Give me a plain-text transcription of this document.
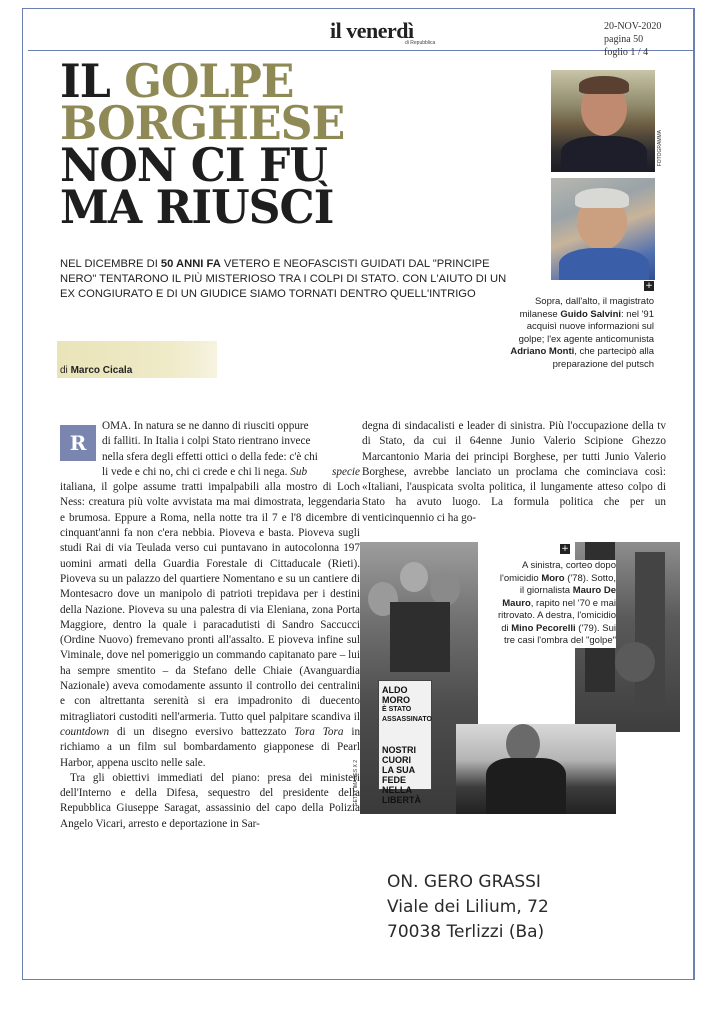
il venerdì
di Repubblica
20-NOV-2020
pagina 50
foglio 1 / 4
IL GOLPE
BORGHESE
NON CI FU
MA RIUSCÌ
NEL DICEMBRE DI 50 ANNI FA VETERO E NEOFASCISTI GUIDATI DAL "PRINCIPE NERO" TENTARONO IL PIÙ MISTERIOSO TRA I COLPI DI STATO. CON L'AIUTO DI UN EX CONGIURATO E DI UN GIUDICE SIAMO TORNATI DENTRO QUELL'INTRIGO
FOTOGRAMMA
+
Sopra, dall'alto, il magistrato milanese Guido Salvini: nel '91 acquisì nuove informazioni sul golpe; l'ex agente anticomunista Adriano Monti, che partecipò alla preparazione del putsch
di Marco Cicala
R

OMA. In natura se ne danno di riusciti oppure
di falliti. In Italia i colpi Stato rientrano invece
nella sfera degli effetti ottici o della fede: c'è chi
li vede e chi no, chi ci crede e chi li nega. Sub specie italiana, il golpe assume tratti impalpabili alla mostro di Loch Ness: creatura più volte avvistata ma mai dimostrata, leggendaria e brumosa. Eppure a Roma, nella notte tra il 7 e l'8 dicembre di cinquant'anni fa non c'era nebbia. Pioveva e basta. Pioveva sugli studi Rai di via Teulada verso cui puntavano in autocolonna 197 uomini armati della Guardia Forestale di Cittaducale (Rieti). Pioveva su un palazzo del quartiere Nomentano e su un cantiere di Montesacro dove un manipolo di patrioti trepidava per i destini della Nazione. Pioveva su una palestra di via Eleniana, zona Porta Maggiore, dentro la quale i paracadutisti di Sandro Saccucci (Ordine Nuovo) fremevano pronti all'assalto. E pioveva infine sul Viminale, dove nel pomeriggio un commando capitanato pare – lui ha sempre smentito – da Stefano delle Chiaie (Avanguardia Nazionale) aveva comodamente assunto il controllo dei centralini e con altrettanta serenità si era impadronito di duecento mitragliatori custoditi nell'armeria. Tutto quel palpitare scandiva il countdown di un disegno eversivo battezzato Tora Tora in richiamo a un film sul bombardamento giapponese di Pearl Harbor, appena uscito nelle sale.

Tra gli obiettivi immediati del piano: presa dei ministeri dell'Interno e della Difesa, sequestro del presidente della Repubblica Giuseppe Saragat, assassinio del capo della Polizia Angelo Vicari, arresto e deportazione in Sar-

degna di sindacalisti e leader di sinistra. Più l'occupazione della tv di Stato, da cui il 64enne Junio Valerio Scipione Ghezzo Marcantonio Maria dei principi Borghese, per tutti Junio Valerio Borghese, avrebbe lanciato un proclama che cominciava così: «Italiani, l'auspicata svolta politica, il lungamente atteso colpo di Stato ha avuto luogo. La formula politica che per un venticinquennio ci ha go-

ALDO MORO
È STATO ASSASSINATO
NOSTRI CUORI
LA SUA FEDE
NELLA LIBERTÀ
+
GETTY IMAGES X 2
A sinistra, corteo dopo l'omicidio Moro ('78). Sotto, il giornalista Mauro De Mauro, rapito nel '70 e mai ritrovato. A destra, l'omicidio di Mino Pecorelli ('79). Sui tre casi l'ombra del "golpe"
ON. GERO GRASSI
Viale dei Lilium, 72
70038 Terlizzi (Ba)
